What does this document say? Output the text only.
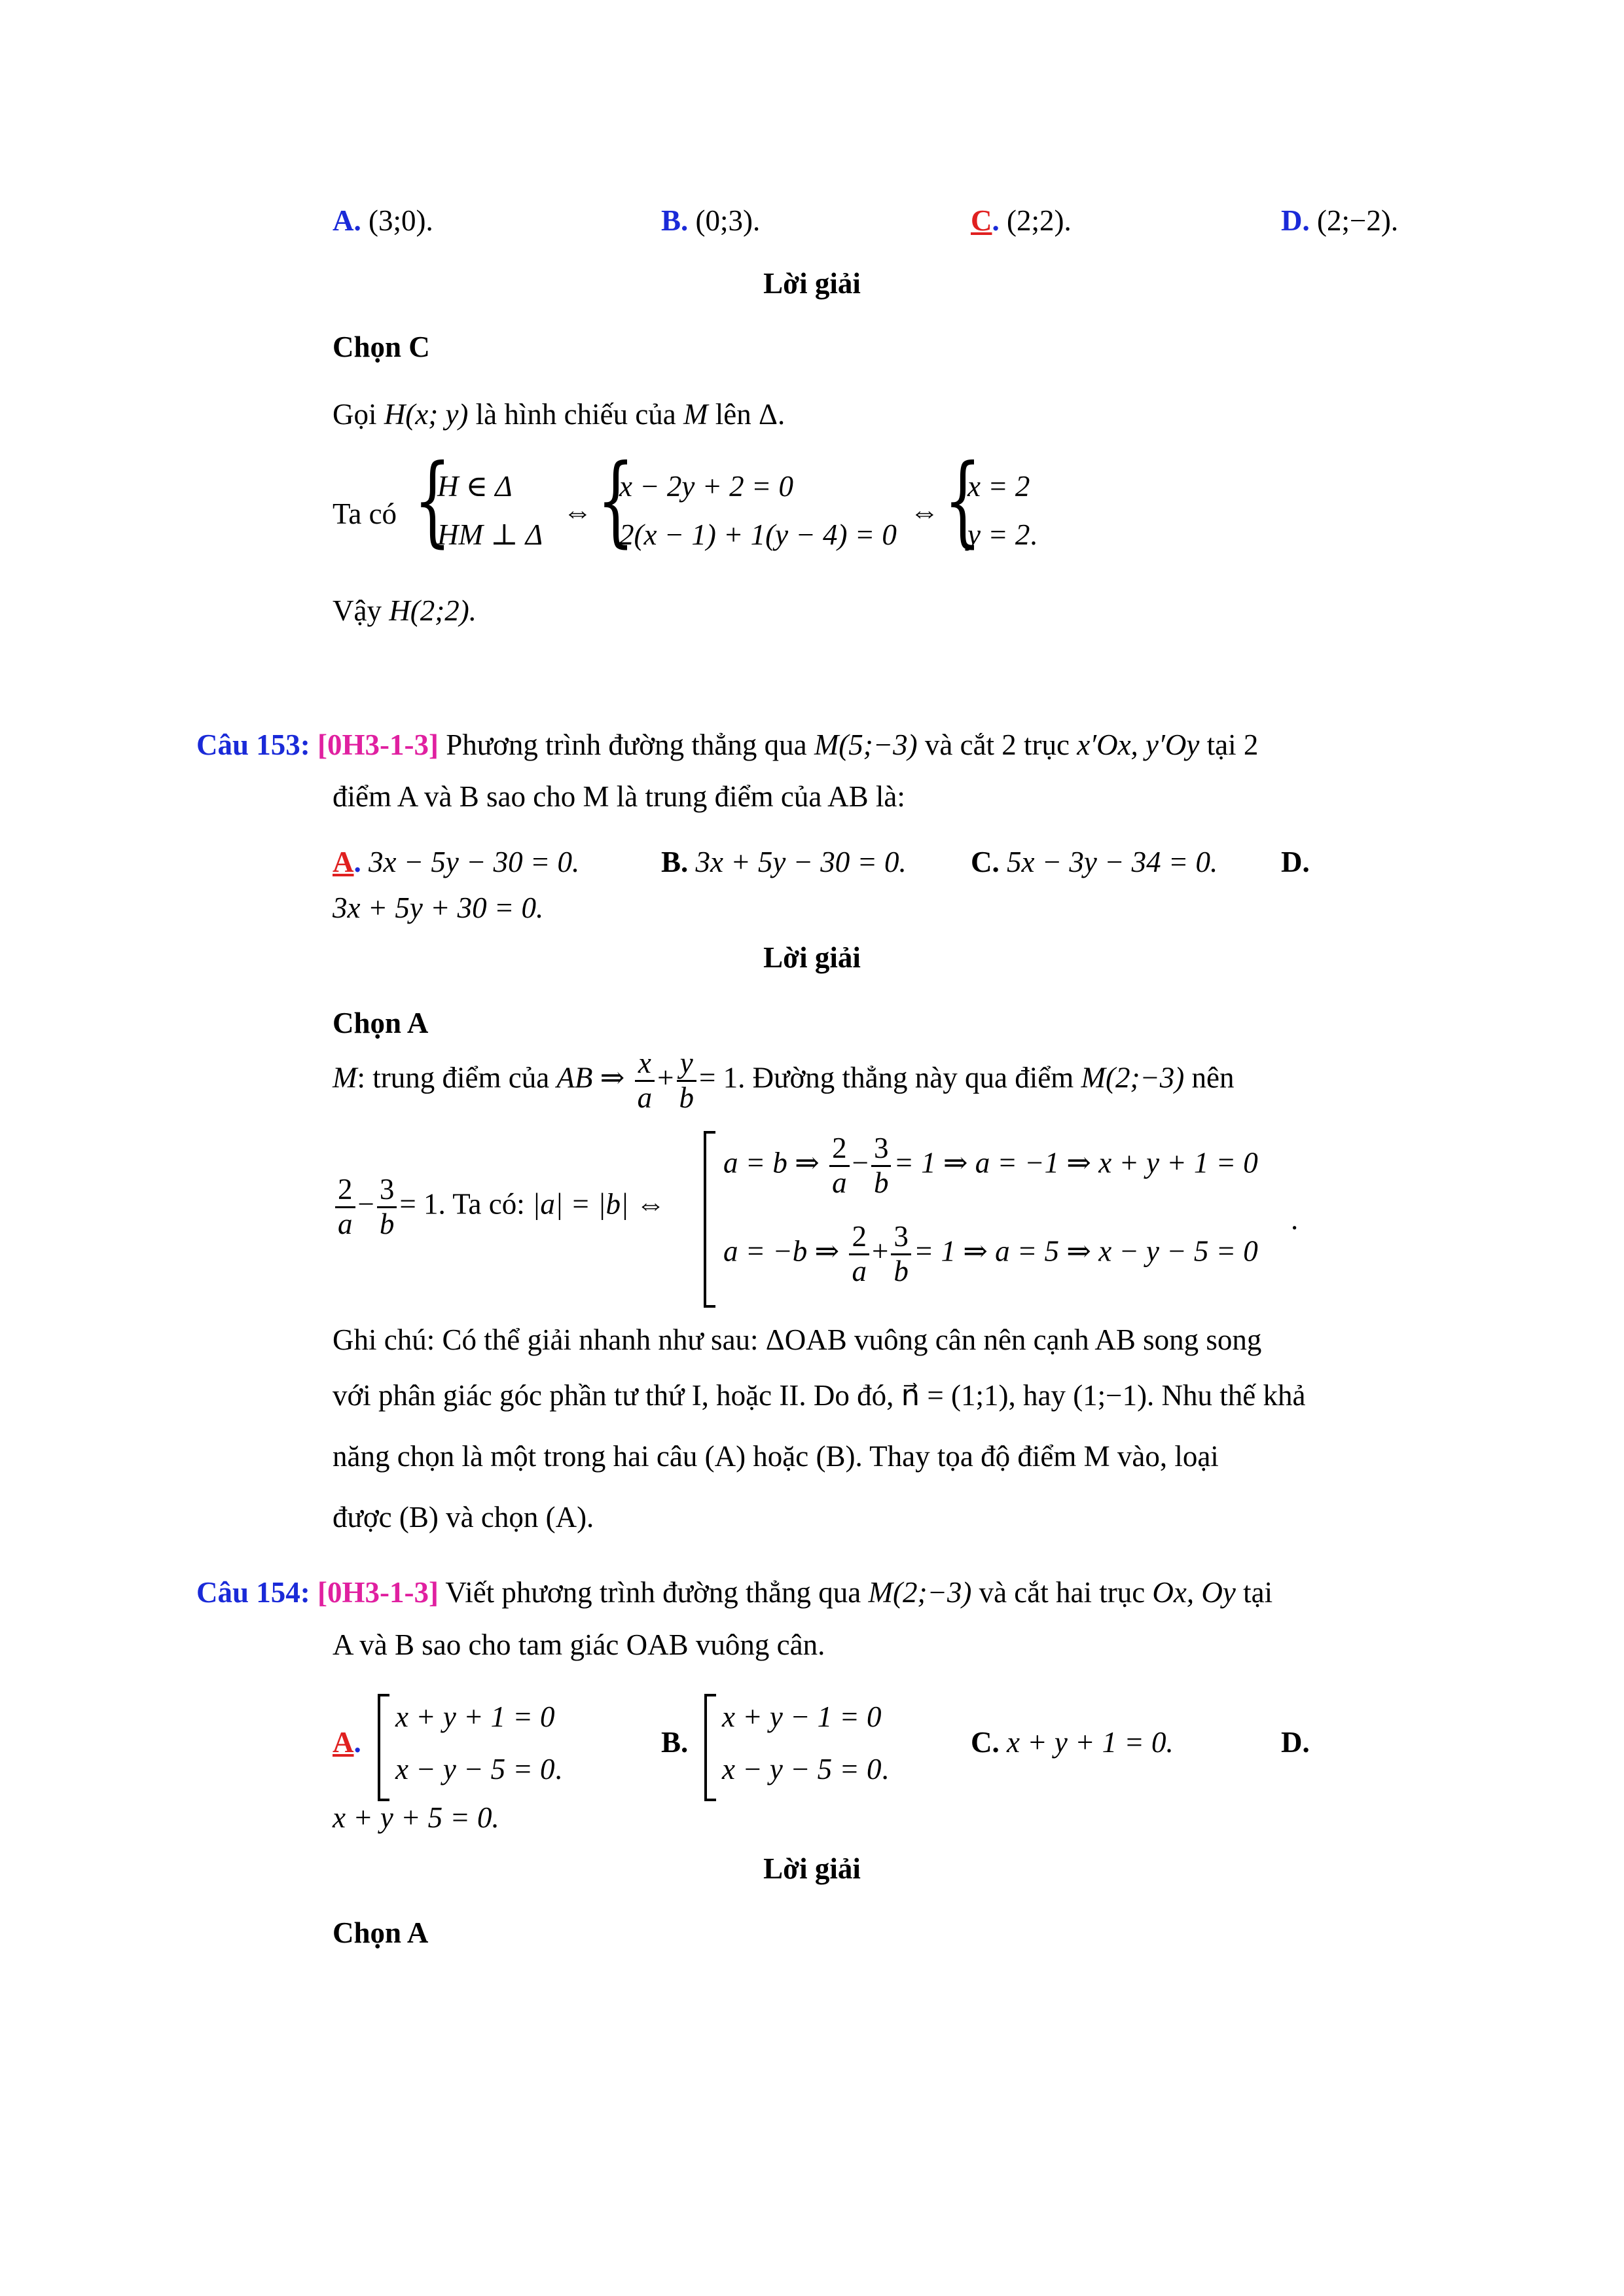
A. (3;0).	B. (0;3).	C. (2;2).	D. (2;−2).
Lời giải
Chọn C
Gọi H(x; y) là hình chiếu của M lên Δ.
Ta có {
H ∈ Δ
HM ⊥ Δ
⇔ {
x − 2y + 2 = 0
2(x − 1) + 1(y − 4) = 0
⇔ {
x = 2
y = 2.
Vậy H(2;2).
Câu 153: [0H3-1-3] Phương trình đường thẳng qua M(5;−3) và cắt 2 trục x′Ox, y′Oy tại 2
điểm A và B sao cho M là trung điểm của AB là:
A. 3x − 5y − 30 = 0.	B. 3x + 5y − 30 = 0. C. 5x − 3y − 34 = 0. D.
3x + 5y + 30 = 0.
Lời giải
Chọn A
M: trung điểm của AB ⇒ $\frac{x}{a} + \frac{y}{b} = 1$. Đường thẳng này qua điểm M(2;−3) nên
$\frac{2}{a} - \frac{3}{b} = 1$. Ta có: |a| = |b| ⇔
a = b ⇒ $\frac{2}{a} - \frac{3}{b} = 1$ ⇒ a = −1 ⇒ x + y + 1 = 0
a = −b ⇒ $\frac{2}{a} + \frac{3}{b} = 1$ ⇒ a = 5 ⇒ x − y − 5 = 0
.
Ghi chú: Có thể giải nhanh như sau: ΔOAB vuông cân nên cạnh AB song song
với phân giác góc phần tư thứ I, hoặc II. Do đó, n⃗ = (1;1), hay (1;−1). Nhu thế khả
năng chọn là một trong hai câu (A) hoặc (B). Thay tọa độ điểm M vào, loại
được (B) và chọn (A).
Câu 154: [0H3-1-3] Viết phương trình đường thẳng qua M(2;−3) và cắt hai trục Ox, Oy tại
A và B sao cho tam giác OAB vuông cân.
A.
x + y + 1 = 0
x − y − 5 = 0.
B.
x + y − 1 = 0
x − y − 5 = 0.
C. x + y + 1 = 0.	D.
x + y + 5 = 0.
Lời giải
Chọn A
